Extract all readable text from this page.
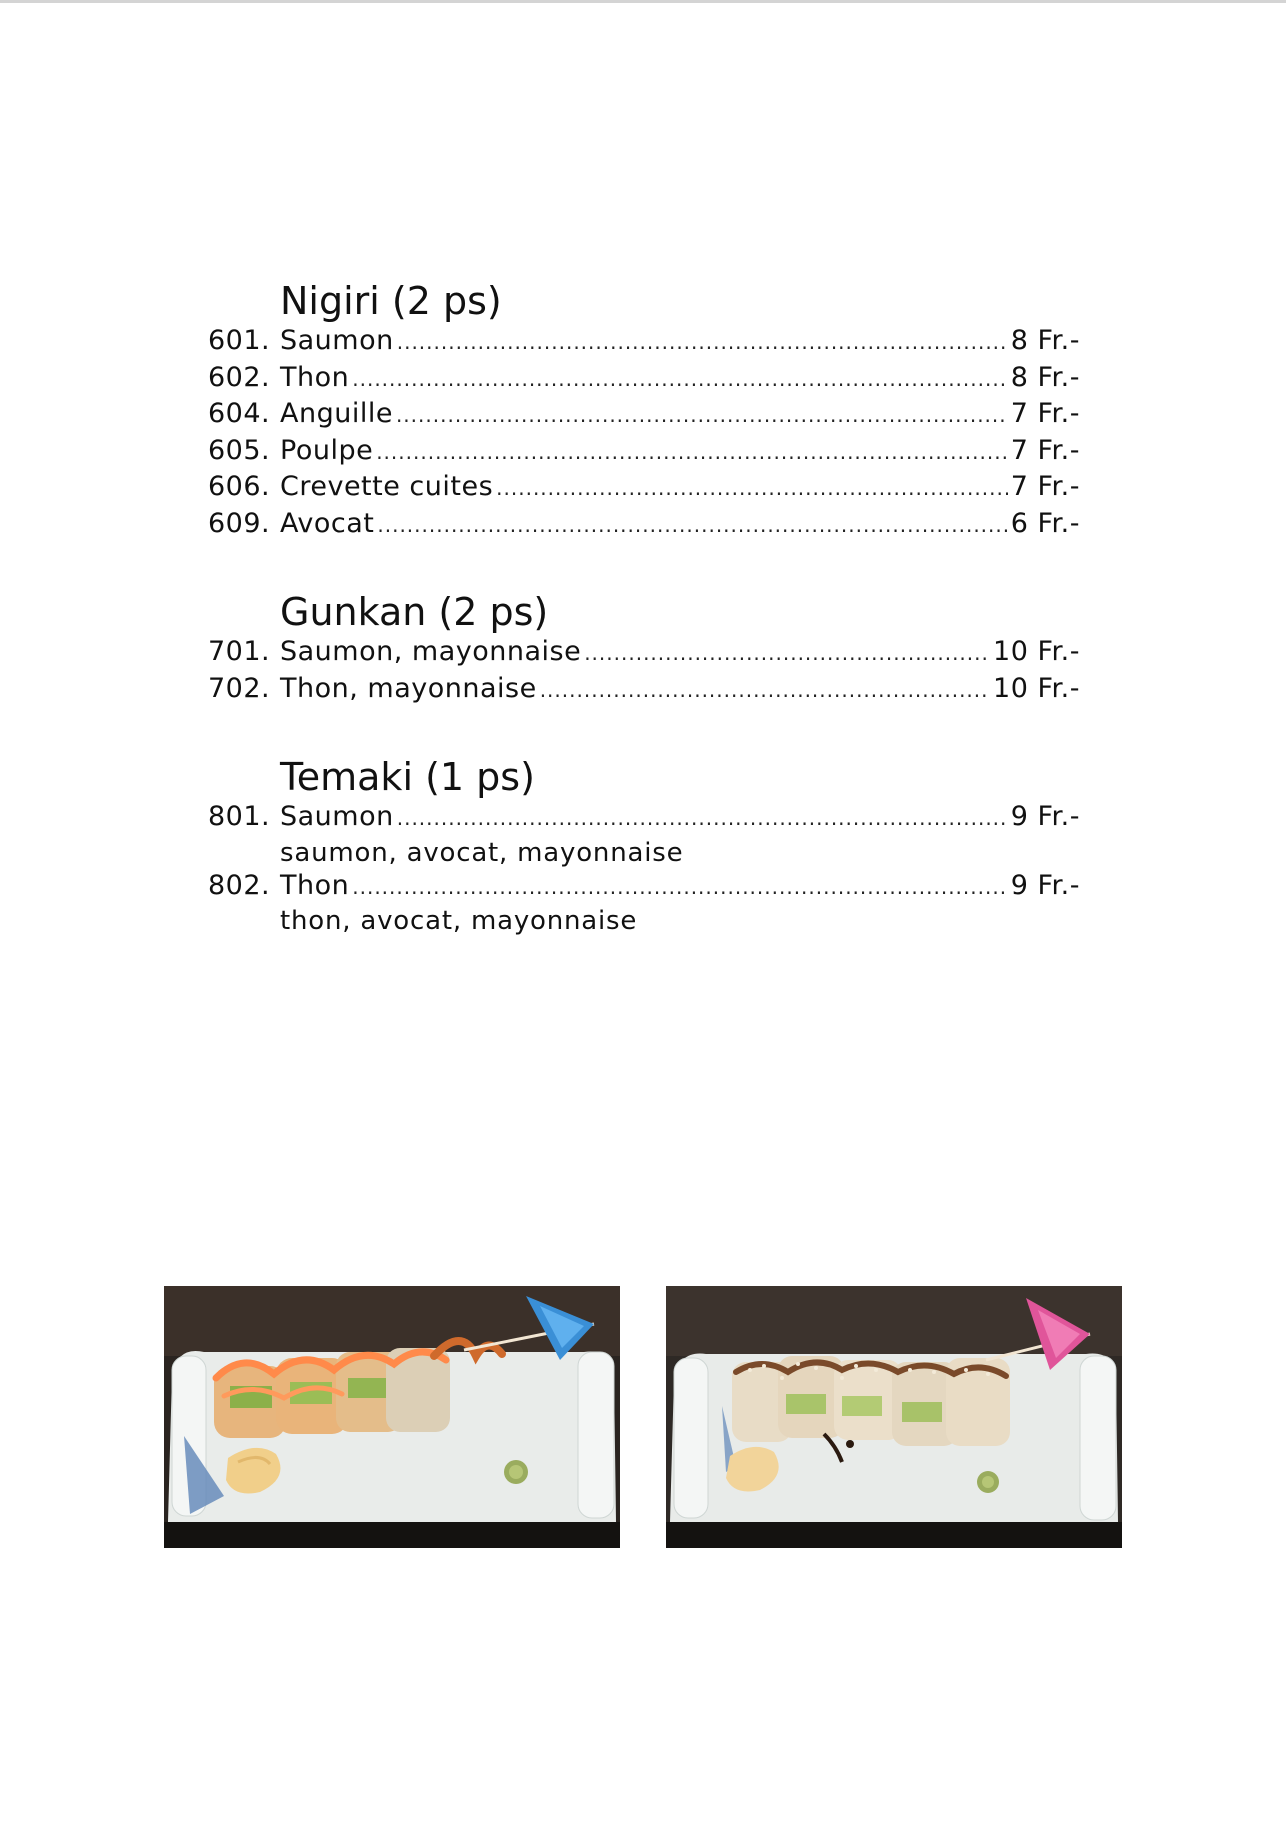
Nigiri (2 ps)
601. Saumon .....	8 Fr.-
602. Thon .....	8 Fr.-
604. Anguille .....	7 Fr.-
605. Poulpe .....	7 Fr.-
606. Crevette cuites .....	7 Fr.-
609. Avocat .....	6 Fr.-
Gunkan (2 ps)
701. Saumon, mayonnaise .....	10 Fr.-
702. Thon, mayonnaise .....	10 Fr.-
Temaki (1 ps)
801. Saumon .....	9 Fr.-
saumon, avocat, mayonnaise
802. Thon .....	9 Fr.-
thon, avocat, mayonnaise
